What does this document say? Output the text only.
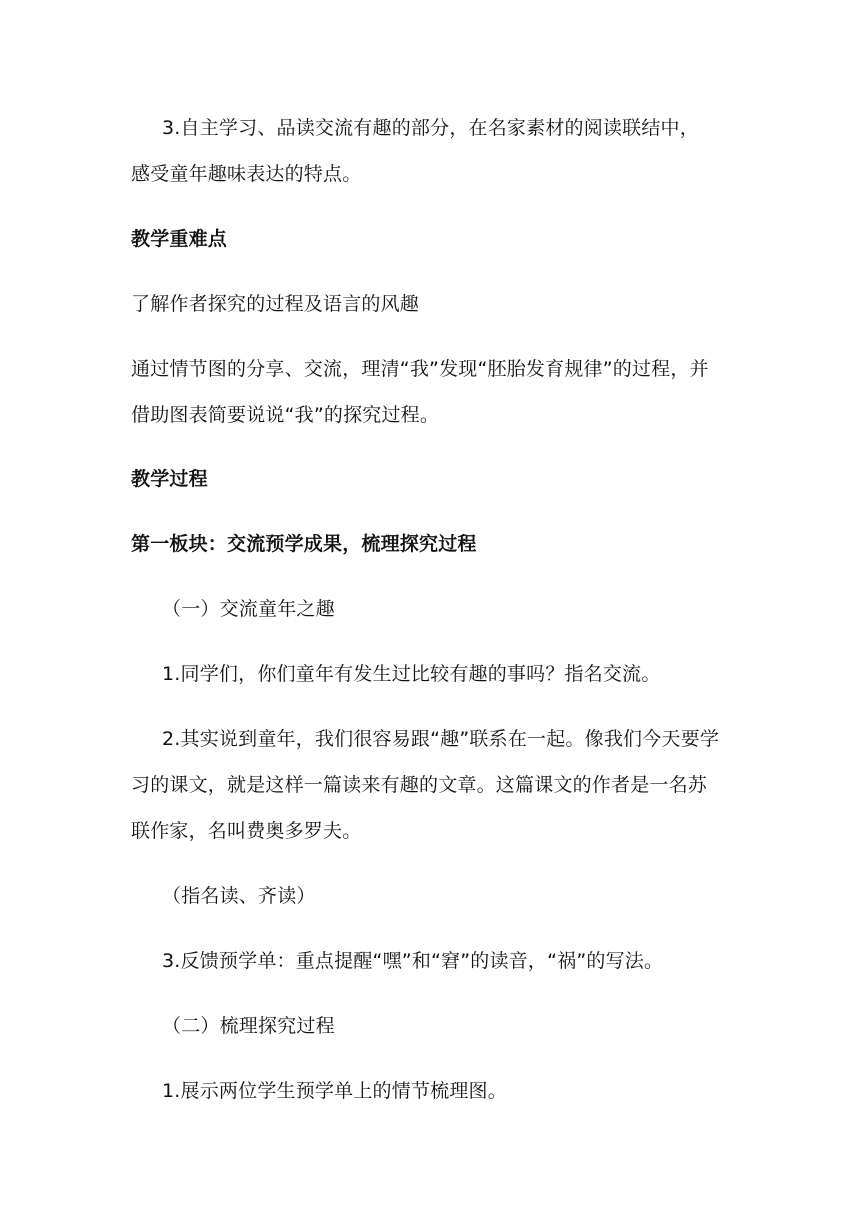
3.自主学习、品读交流有趣的部分，在名家素材的阅读联结中，
感受童年趣味表达的特点。
教学重难点
了解作者探究的过程及语言的风趣
通过情节图的分享、交流，理清“我”发现“胚胎发育规律”的过程，并
借助图表简要说说“我”的探究过程。
教学过程
第一板块：交流预学成果，梳理探究过程
（一）交流童年之趣
1.同学们，你们童年有发生过比较有趣的事吗？指名交流。
2.其实说到童年，我们很容易跟“趣”联系在一起。像我们今天要学
习的课文，就是这样一篇读来有趣的文章。这篇课文的作者是一名苏
联作家，名叫费奥多罗夫。
（指名读、齐读）
3.反馈预学单：重点提醒“嘿”和“窘”的读音，“祸”的写法。
（二）梳理探究过程
1.展示两位学生预学单上的情节梳理图。
